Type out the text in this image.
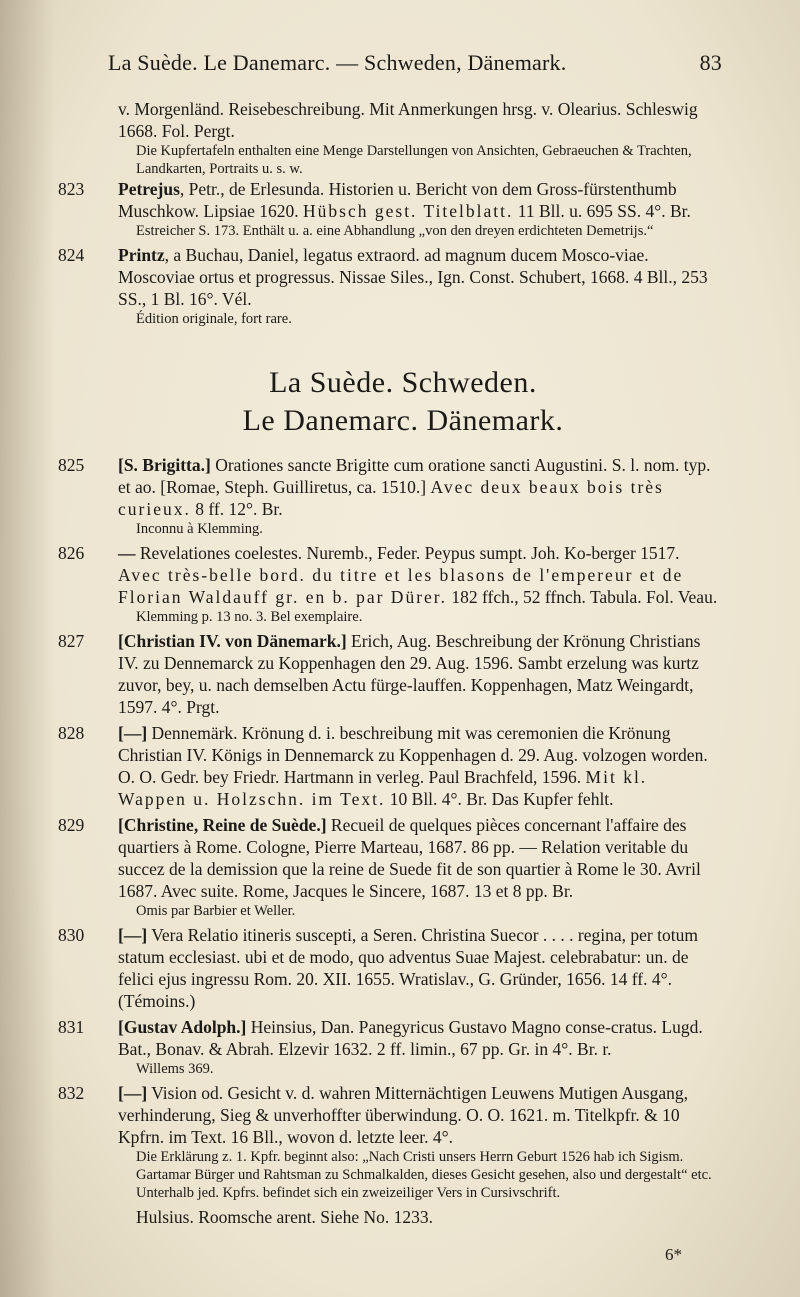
La Suède. Le Danemarc. — Schweden, Dänemark.	83
v. Morgenländ. Reisebeschreibung. Mit Anmerkungen hrsg. v. Olearius. Schleswig 1668. Fol. Pergt.
Die Kupfertafeln enthalten eine Menge Darstellungen von Ansichten, Gebraeuchen & Trachten, Landkarten, Portraits u. s. w.
823	Petrejus, Petr., de Erlesunda. Historien u. Bericht von dem Gross-fürstenthumb Muschkow. Lipsiae 1620. Hübsch gest. Titelblatt. 11 Bll. u. 695 SS. 4°. Br.
Estreicher S. 173. Enthält u. a. eine Abhandlung „von den dreyen erdichteten Demetrijs.“
824	Printz, a Buchau, Daniel, legatus extraord. ad magnum ducem Mosco-viae. Moscoviae ortus et progressus. Nissae Siles., Ign. Const. Schubert, 1668. 4 Bll., 253 SS., 1 Bl. 16°. Vél.
Édition originale, fort rare.
La Suède. Schweden.
Le Danemarc. Dänemark.
825	[S. Brigitta.] Orationes sancte Brigitte cum oratione sancti Augustini. S. l. nom. typ. et ao. [Romae, Steph. Guilliretus, ca. 1510.] Avec deux beaux bois très curieux. 8 ff. 12°. Br.
Inconnu à Klemming.
826	— Revelationes coelestes. Nuremb., Feder. Peypus sumpt. Joh. Ko-berger 1517. Avec très-belle bord. du titre et les blasons de l'empereur et de Florian Waldauff gr. en b. par Dürer. 182 ffch., 52 ffnch. Tabula. Fol. Veau.
Klemming p. 13 no. 3. Bel exemplaire.
827	[Christian IV. von Dänemark.] Erich, Aug. Beschreibung der Krönung Christians IV. zu Dennemarck zu Koppenhagen den 29. Aug. 1596. Sambt erzelung was kurtz zuvor, bey, u. nach demselben Actu fürge-lauffen. Koppenhagen, Matz Weingardt, 1597. 4°. Prgt.
828	[—] Dennemärk. Krönung d. i. beschreibung mit was ceremonien die Krönung Christian IV. Königs in Dennemarck zu Koppenhagen d. 29. Aug. volzogen worden. O. O. Gedr. bey Friedr. Hartmann in verleg. Paul Brachfeld, 1596. Mit kl. Wappen u. Holzschn. im Text. 10 Bll. 4°. Br. Das Kupfer fehlt.
829	[Christine, Reine de Suède.] Recueil de quelques pièces concernant l'affaire des quartiers à Rome. Cologne, Pierre Marteau, 1687. 86 pp. — Relation veritable du succez de la demission que la reine de Suede fit de son quartier à Rome le 30. Avril 1687. Avec suite. Rome, Jacques le Sincere, 1687. 13 et 8 pp. Br.
Omis par Barbier et Weller.
830	[—] Vera Relatio itineris suscepti, a Seren. Christina Suecor . . . . regina, per totum statum ecclesiast. ubi et de modo, quo adventus Suae Majest. celebrabatur: un. de felici ejus ingressu Rom. 20. XII. 1655. Wratislav., G. Gründer, 1656. 14 ff. 4°. (Témoins.)
831	[Gustav Adolph.] Heinsius, Dan. Panegyricus Gustavo Magno conse-cratus. Lugd. Bat., Bonav. & Abrah. Elzevir 1632. 2 ff. limin., 67 pp. Gr. in 4°. Br. r.
Willems 369.
832	[—] Vision od. Gesicht v. d. wahren Mitternächtigen Leuwens Mutigen Ausgang, verhinderung, Sieg & unverhoffter überwindung. O. O. 1621. m. Titelkpfr. & 10 Kpfrn. im Text. 16 Bll., wovon d. letzte leer. 4°.
Die Erklärung z. 1. Kpfr. beginnt also: „Nach Cristi unsers Herrn Geburt 1526 hab ich Sigism. Gartamar Bürger und Rahtsman zu Schmalkalden, dieses Gesicht gesehen, also und dergestalt“ etc. Unterhalb jed. Kpfrs. befindet sich ein zweizeiliger Vers in Cursivschrift.
Hulsius. Roomsche arent. Siehe No. 1233.
6*
